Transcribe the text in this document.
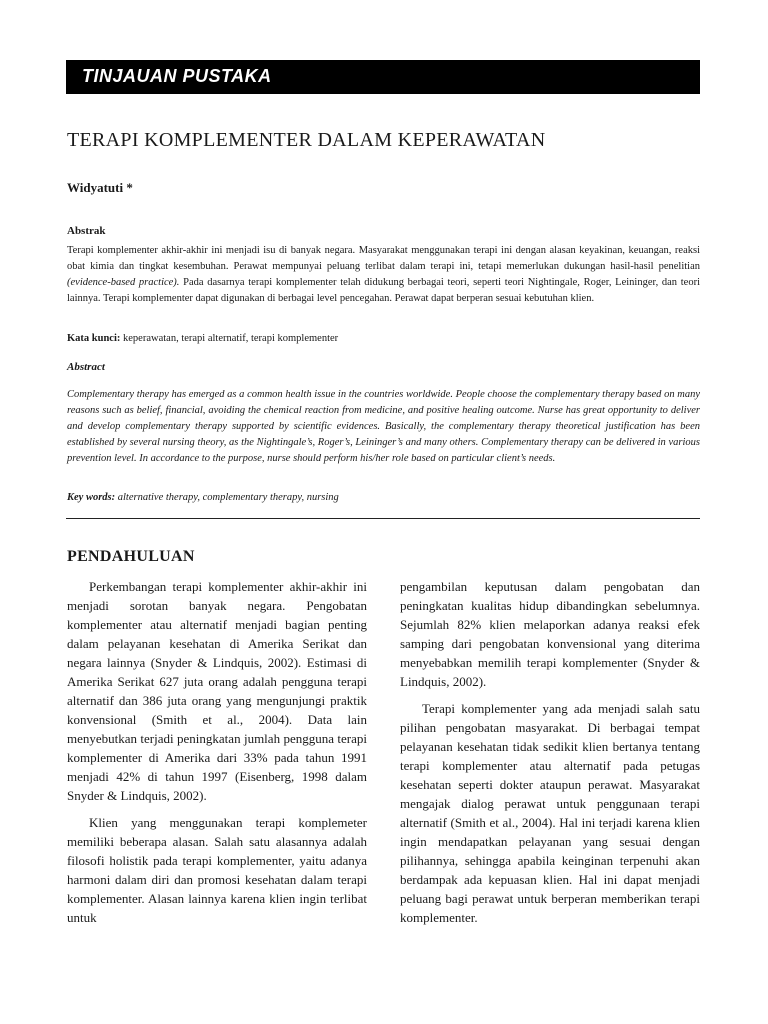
TINJAUAN PUSTAKA
TERAPI KOMPLEMENTER DALAM KEPERAWATAN
Widyatuti *
Abstrak

Terapi komplementer akhir-akhir ini menjadi isu di banyak negara. Masyarakat menggunakan terapi ini dengan alasan keyakinan, keuangan, reaksi obat kimia dan tingkat kesembuhan. Perawat mempunyai peluang terlibat dalam terapi ini, tetapi memerlukan dukungan hasil-hasil penelitian (evidence-based practice). Pada dasarnya terapi komplementer telah didukung berbagai teori, seperti teori Nightingale, Roger, Leininger, dan teori lainnya. Terapi komplementer dapat digunakan di berbagai level pencegahan. Perawat dapat berperan sesuai kebutuhan klien.

Kata kunci: keperawatan, terapi alternatif, terapi komplementer
Abstract

Complementary therapy has emerged as a common health issue in the countries worldwide. People choose the complementary therapy based on many reasons such as belief, financial, avoiding the chemical reaction from medicine, and positive healing outcome. Nurse has great opportunity to deliver and develop complementary therapy supported by scientific evidences. Basically, the complementary therapy theoretical justification has been established by several nursing theory, as the Nightingale’s, Roger’s, Leininger’s and many others. Complementary therapy can be delivered in various prevention level. In accordance to the purpose, nurse should perform his/her role based on particular client’s needs.

Key words: alternative therapy, complementary therapy, nursing
PENDAHULUAN

Perkembangan terapi komplementer akhir-akhir ini menjadi sorotan banyak negara. Pengobatan komplementer atau alternatif menjadi bagian penting dalam pelayanan kesehatan di Amerika Serikat dan negara lainnya (Snyder & Lindquis, 2002). Estimasi di Amerika Serikat 627 juta orang adalah pengguna terapi alternatif dan 386 juta orang yang mengunjungi praktik konvensional (Smith et al., 2004). Data lain menyebutkan terjadi peningkatan jumlah pengguna terapi komplementer di Amerika dari 33% pada tahun 1991 menjadi 42% di tahun 1997 (Eisenberg, 1998 dalam Snyder & Lindquis, 2002).

Klien yang menggunakan terapi komplemeter memiliki beberapa alasan. Salah satu alasannya adalah filosofi holistik pada terapi komplementer, yaitu adanya harmoni dalam diri dan promosi kesehatan dalam terapi komplementer. Alasan lainnya karena klien ingin terlibat untuk

pengambilan keputusan dalam pengobatan dan peningkatan kualitas hidup dibandingkan sebelumnya. Sejumlah 82% klien melaporkan adanya reaksi efek samping dari pengobatan konvensional yang diterima menyebabkan memilih terapi komplementer (Snyder & Lindquis, 2002).

Terapi komplementer yang ada menjadi salah satu pilihan pengobatan masyarakat. Di berbagai tempat pelayanan kesehatan tidak sedikit klien bertanya tentang terapi komplementer atau alternatif pada petugas kesehatan seperti dokter ataupun perawat. Masyarakat mengajak dialog perawat untuk penggunaan terapi alternatif (Smith et al., 2004). Hal ini terjadi karena klien ingin mendapatkan pelayanan yang sesuai dengan pilihannya, sehingga apabila keinginan terpenuhi akan berdampak ada kepuasan klien. Hal ini dapat menjadi peluang bagi perawat untuk berperan memberikan terapi komplementer.
